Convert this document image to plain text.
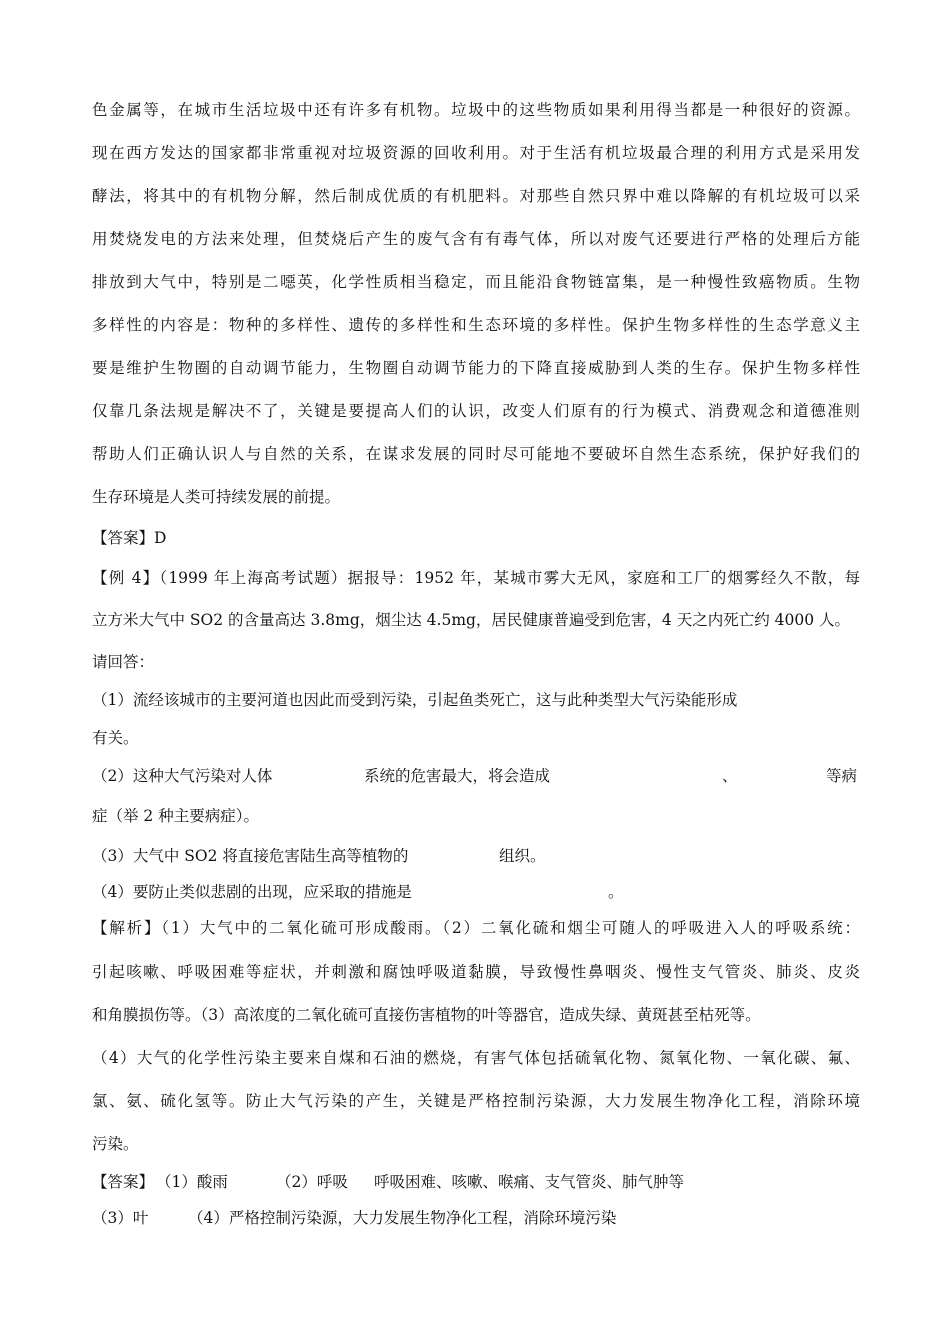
色金属等，在城市生活垃圾中还有许多有机物。垃圾中的这些物质如果利用得当都是一种很好的资源。
现在西方发达的国家都非常重视对垃圾资源的回收利用。对于生活有机垃圾最合理的利用方式是采用发
酵法，将其中的有机物分解，然后制成优质的有机肥料。对那些自然只界中难以降解的有机垃圾可以采
用焚烧发电的方法来处理，但焚烧后产生的废气含有有毒气体，所以对废气还要进行严格的处理后方能
排放到大气中，特别是二噁英，化学性质相当稳定，而且能沿食物链富集，是一种慢性致癌物质。生物
多样性的内容是：物种的多样性、遗传的多样性和生态环境的多样性。保护生物多样性的生态学意义主
要是维护生物圈的自动调节能力，生物圈自动调节能力的下降直接威胁到人类的生存。保护生物多样性
仅靠几条法规是解决不了，关键是要提高人们的认识，改变人们原有的行为模式、消费观念和道德准则
帮助人们正确认识人与自然的关系，在谋求发展的同时尽可能地不要破坏自然生态系统，保护好我们的
生存环境是人类可持续发展的前提。
【答案】D
【例 4】（1999 年上海高考试题）据报导：1952 年，某城市雾大无风，家庭和工厂的烟雾经久不散，每
立方米大气中 SO2 的含量高达 3.8mg，烟尘达 4.5mg，居民健康普遍受到危害，4 天之内死亡约 4000 人。
请回答：
（1）流经该城市的主要河道也因此而受到污染，引起鱼类死亡，这与此种类型大气污染能形成
有关。
（2）这种大气污染对人体	系统的危害最大，将会造成	、	等病
症（举 2 种主要病症）。
（3）大气中 SO2 将直接危害陆生高等植物的	组织。
（4）要防止类似悲剧的出现，应采取的措施是	。
【解析】（1）大气中的二氧化硫可形成酸雨。（2）二氧化硫和烟尘可随人的呼吸进入人的呼吸系统：
引起咳嗽、呼吸困难等症状，并刺激和腐蚀呼吸道黏膜，导致慢性鼻咽炎、慢性支气管炎、肺炎、皮炎
和角膜损伤等。（3）高浓度的二氧化硫可直接伤害植物的叶等器官，造成失绿、黄斑甚至枯死等。
（4）大气的化学性污染主要来自煤和石油的燃烧，有害气体包括硫氧化物、氮氧化物、一氧化碳、氟、
氯、氨、硫化氢等。防止大气污染的产生，关键是严格控制污染源，大力发展生物净化工程，消除环境
污染。
【答案】 （1）酸雨	（2）呼吸 呼吸困难、咳嗽、喉痛、支气管炎、肺气肿等
（3）叶	（4）严格控制污染源，大力发展生物净化工程，消除环境污染
